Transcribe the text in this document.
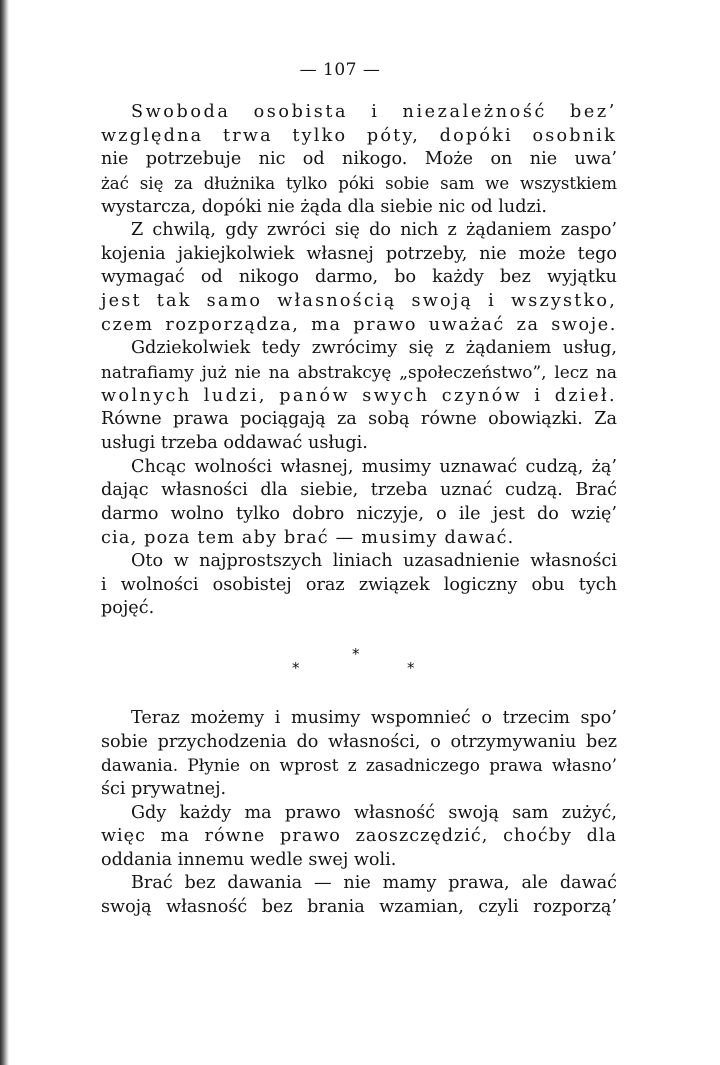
— 107 —
Swoboda osobista i niezależność bez’
względna trwa tylko póty, dopóki osobnik
nie potrzebuje nic od nikogo. Może on nie uwa’
żać się za dłużnika tylko póki sobie sam we wszystkiem
wystarcza, dopóki nie żąda dla siebie nic od ludzi.
Z chwilą, gdy zwróci się do nich z żądaniem zaspo’
kojenia jakiejkolwiek własnej potrzeby, nie może tego
wymagać od nikogo darmo, bo każdy bez wyjątku
jest tak samo własnością swoją i wszystko,
czem rozporządza, ma prawo uważać za swoje.
Gdziekolwiek tedy zwrócimy się z żądaniem usług,
natrafiamy już nie na abstrakcyę „społeczeństwo”, lecz na
wolnych ludzi, panów swych czynów i dzieł.
Równe prawa pociągają za sobą równe obowiązki. Za
usługi trzeba oddawać usługi.
Chcąc wolności własnej, musimy uznawać cudzą, żą’
dając własności dla siebie, trzeba uznać cudzą. Brać
darmo wolno tylko dobro niczyje, o ile jest do wzię’
cia, poza tem aby brać — musimy dawać.
Oto w najprostszych liniach uzasadnienie własności
i wolności osobistej oraz związek logiczny obu tych
pojęć.
*
*	*
Teraz możemy i musimy wspomnieć o trzecim spo’
sobie przychodzenia do własności, o otrzymywaniu bez
dawania. Płynie on wprost z zasadniczego prawa własno’
ści prywatnej.
Gdy każdy ma prawo własność swoją sam zużyć,
więc ma równe prawo zaoszczędzić, choćby dla
oddania innemu wedle swej woli.
Brać bez dawania — nie mamy prawa, ale dawać
swoją własność bez brania wzamian, czyli rozporzą’
